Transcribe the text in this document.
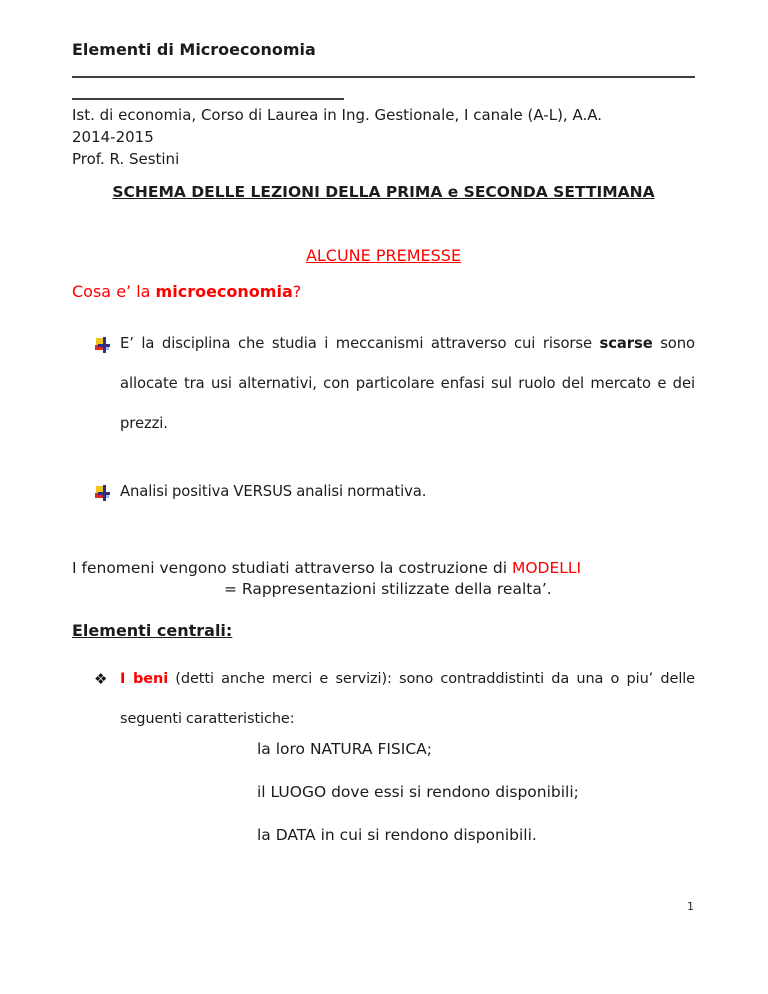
Elementi di Microeconomia
Ist. di economia, Corso di Laurea in Ing. Gestionale, I canale (A-L), A.A.
2014-2015
Prof. R. Sestini
SCHEMA DELLE LEZIONI DELLA PRIMA e SECONDA SETTIMANA
ALCUNE PREMESSE
Cosa e’ la microeconomia?
E’ la disciplina che studia i meccanismi attraverso cui risorse scarse sono allocate tra usi alternativi, con particolare enfasi sul ruolo del mercato e dei prezzi.
Analisi positiva VERSUS analisi normativa.
I fenomeni vengono studiati attraverso la costruzione di MODELLI
= Rappresentazioni stilizzate della realta’.
Elementi centrali:
❖ I beni (detti anche merci e servizi): sono contraddistinti da una o piu’ delle seguenti caratteristiche:
la loro NATURA FISICA;
il LUOGO dove essi si rendono disponibili;
la DATA in cui si rendono disponibili.
1
